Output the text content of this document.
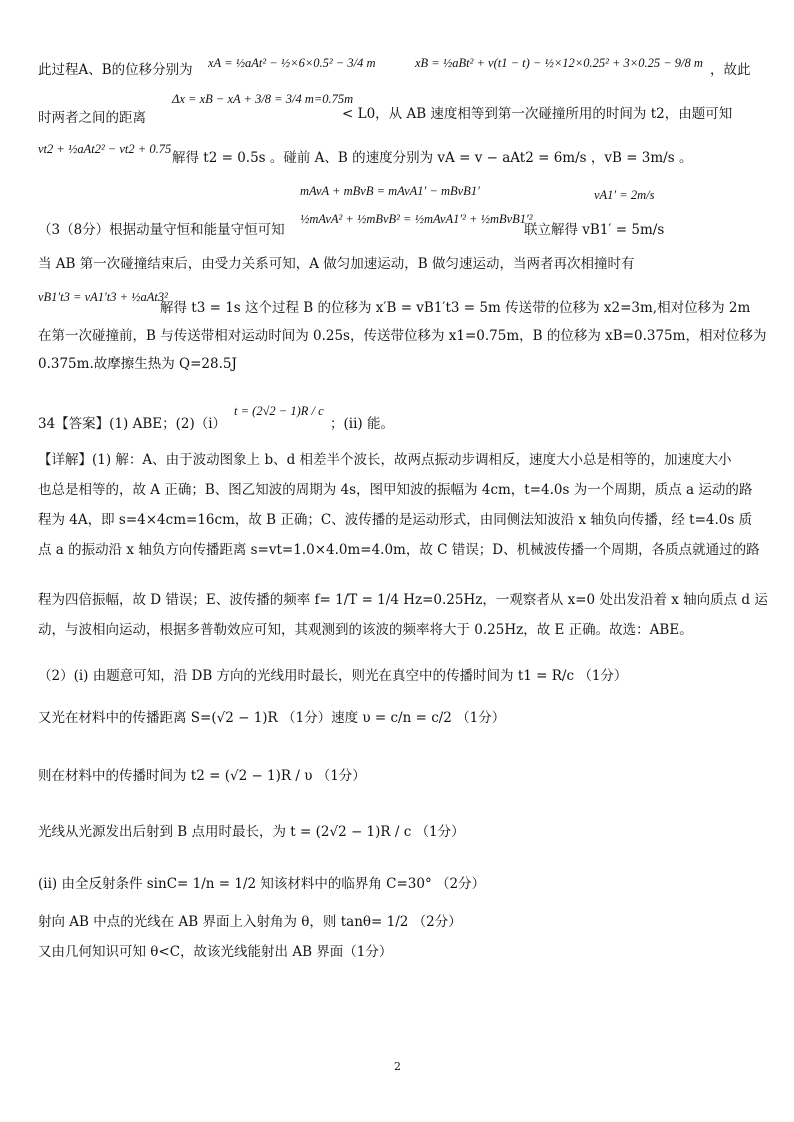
此过程A、B的位移分别为 xA = ½aAt² − ½×6×0.5² − 3/4 m	xB = ½aBt² + v(t1 − t) − ½×12×0.25² + 3×0.25 − 9/8 m ，故此
时两者之间的距离
Δx = xB − xA + 3/8 = 3/4 m=0.75m
< L0，从 AB 速度相等到第一次碰撞所用的时间为 t2，由题可知
vt2 + ½aAt2² − vt2 + 0.75
解得 t2 = 0.5s 。碰前 A、B 的速度分别为 vA = v − aAt2 = 6m/s ，vB = 3m/s 。
mAvA + mBvB = mAvA1′ − mBvB1′	vA1′ = 2m/s
（3（8分）根据动量守恒和能量守恒可知
½mAvA² + ½mBvB² = ½mAvA1′² + ½mBvB1′²
联立解得 vB1′ = 5m/s
当 AB 第一次碰撞结束后，由受力关系可知，A 做匀加速运动，B 做匀速运动，当两者再次相撞时有
vB1′t3 = vA1′t3 + ½aAt3²
解得 t3 = 1s 这个过程 B 的位移为 x′B = vB1′t3 = 5m 传送带的位移为 x2=3m,相对位移为 2m
在第一次碰撞前，B 与传送带相对运动时间为 0.25s，传送带位移为 x1=0.75m，B 的位移为 xB=0.375m，相对位移为
0.375m.故摩擦生热为 Q=28.5J
34【答案】(1) ABE；(2)（i）
t = (2√2 − 1)R / c
；(ii) 能。
【详解】(1) 解：A、由于波动图象上 b、d 相差半个波长，故两点振动步调相反，速度大小总是相等的，加速度大小
也总是相等的，故 A 正确；B、图乙知波的周期为 4s，图甲知波的振幅为 4cm，t=4.0s 为一个周期，质点 a 运动的路
程为 4A，即 s=4×4cm=16cm，故 B 正确；C、波传播的是运动形式，由同侧法知波沿 x 轴负向传播，经 t=4.0s 质
点 a 的振动沿 x 轴负方向传播距离 s=vt=1.0×4.0m=4.0m，故 C 错误；D、机械波传播一个周期，各质点就通过的路
程为四倍振幅，故 D 错误；E、波传播的频率 f= 1/T = 1/4 Hz=0.25Hz，一观察者从 x=0 处出发沿着 x 轴向质点 d 运
动，与波相向运动，根据多普勒效应可知，其观测到的该波的频率将大于 0.25Hz，故 E 正确。故选：ABE。
（2）(i) 由题意可知，沿 DB 方向的光线用时最长，则光在真空中的传播时间为 t1 = R/c （1分）
又光在材料中的传播距离 S=(√2 − 1)R （1分）速度 υ = c/n = c/2 （1分）
则在材料中的传播时间为 t2 = (√2 − 1)R / υ （1分）
光线从光源发出后射到 B 点用时最长，为 t = (2√2 − 1)R / c （1分）
(ii) 由全反射条件 sinC= 1/n = 1/2 知该材料中的临界角 C=30° （2分）
射向 AB 中点的光线在 AB 界面上入射角为 θ，则 tanθ= 1/2 （2分）
又由几何知识可知 θ<C，故该光线能射出 AB 界面（1分）
2
